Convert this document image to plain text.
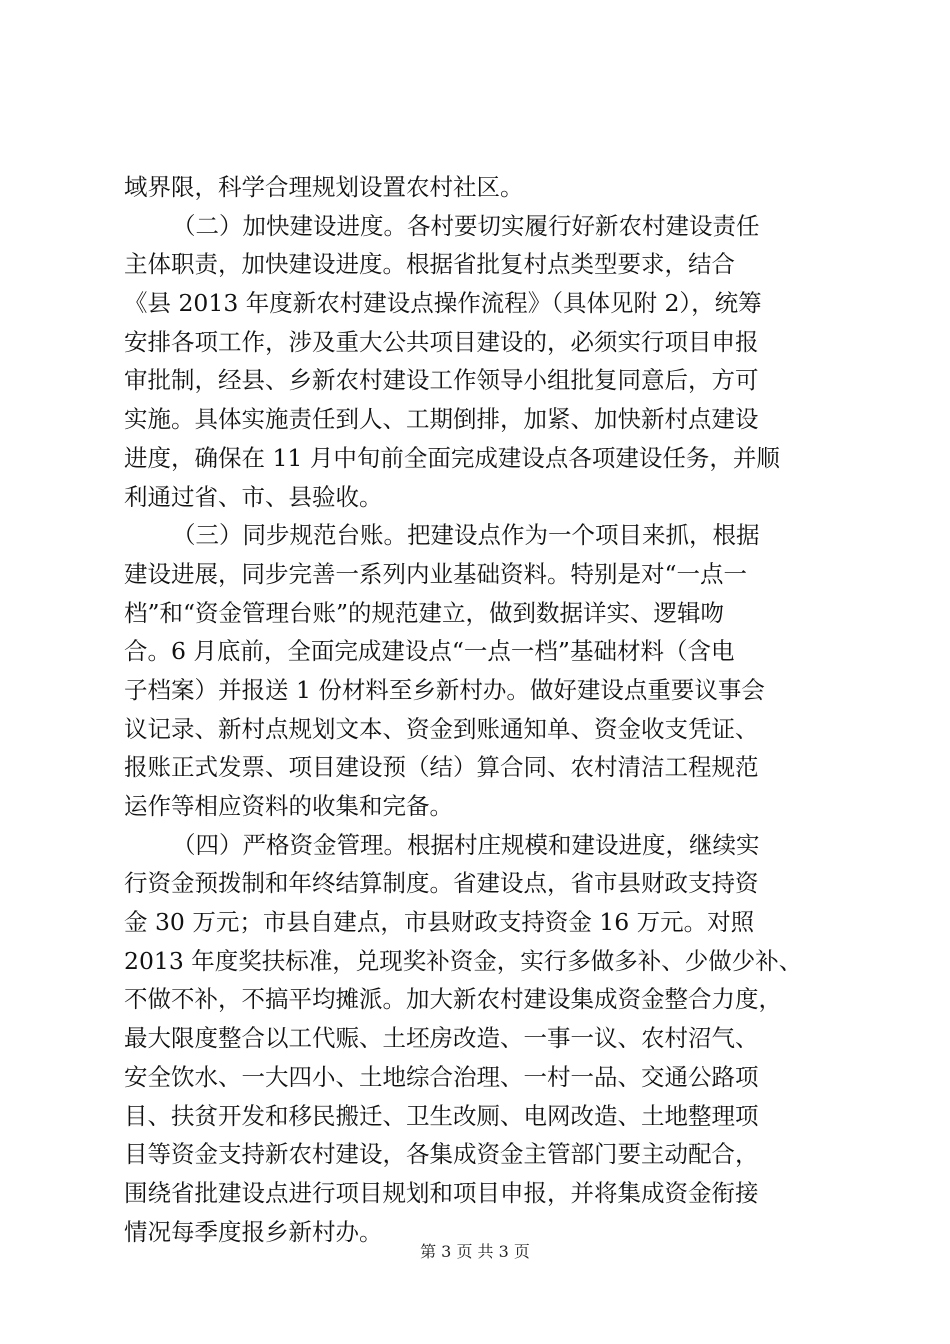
域界限，科学合理规划设置农村社区。
（二）加快建设进度。各村要切实履行好新农村建设责任
主体职责，加快建设进度。根据省批复村点类型要求，结合
《县 2013 年度新农村建设点操作流程》（具体见附 2），统筹
安排各项工作，涉及重大公共项目建设的，必须实行项目申报
审批制，经县、乡新农村建设工作领导小组批复同意后，方可
实施。具体实施责任到人、工期倒排，加紧、加快新村点建设
进度，确保在 11 月中旬前全面完成建设点各项建设任务，并顺
利通过省、市、县验收。
（三）同步规范台账。把建设点作为一个项目来抓，根据
建设进展，同步完善一系列内业基础资料。特别是对“一点一
档”和“资金管理台账”的规范建立，做到数据详实、逻辑吻
合。6 月底前，全面完成建设点“一点一档”基础材料（含电
子档案）并报送 1 份材料至乡新村办。做好建设点重要议事会
议记录、新村点规划文本、资金到账通知单、资金收支凭证、
报账正式发票、项目建设预（结）算合同、农村清洁工程规范
运作等相应资料的收集和完备。
（四）严格资金管理。根据村庄规模和建设进度，继续实
行资金预拨制和年终结算制度。省建设点，省市县财政支持资
金 30 万元；市县自建点，市县财政支持资金 16 万元。对照
2013 年度奖扶标准，兑现奖补资金，实行多做多补、少做少补、
不做不补，不搞平均摊派。加大新农村建设集成资金整合力度，
最大限度整合以工代赈、土坯房改造、一事一议、农村沼气、
安全饮水、一大四小、土地综合治理、一村一品、交通公路项
目、扶贫开发和移民搬迁、卫生改厕、电网改造、土地整理项
目等资金支持新农村建设，各集成资金主管部门要主动配合，
围绕省批建设点进行项目规划和项目申报，并将集成资金衔接
情况每季度报乡新村办。
第 3 页 共 3 页
